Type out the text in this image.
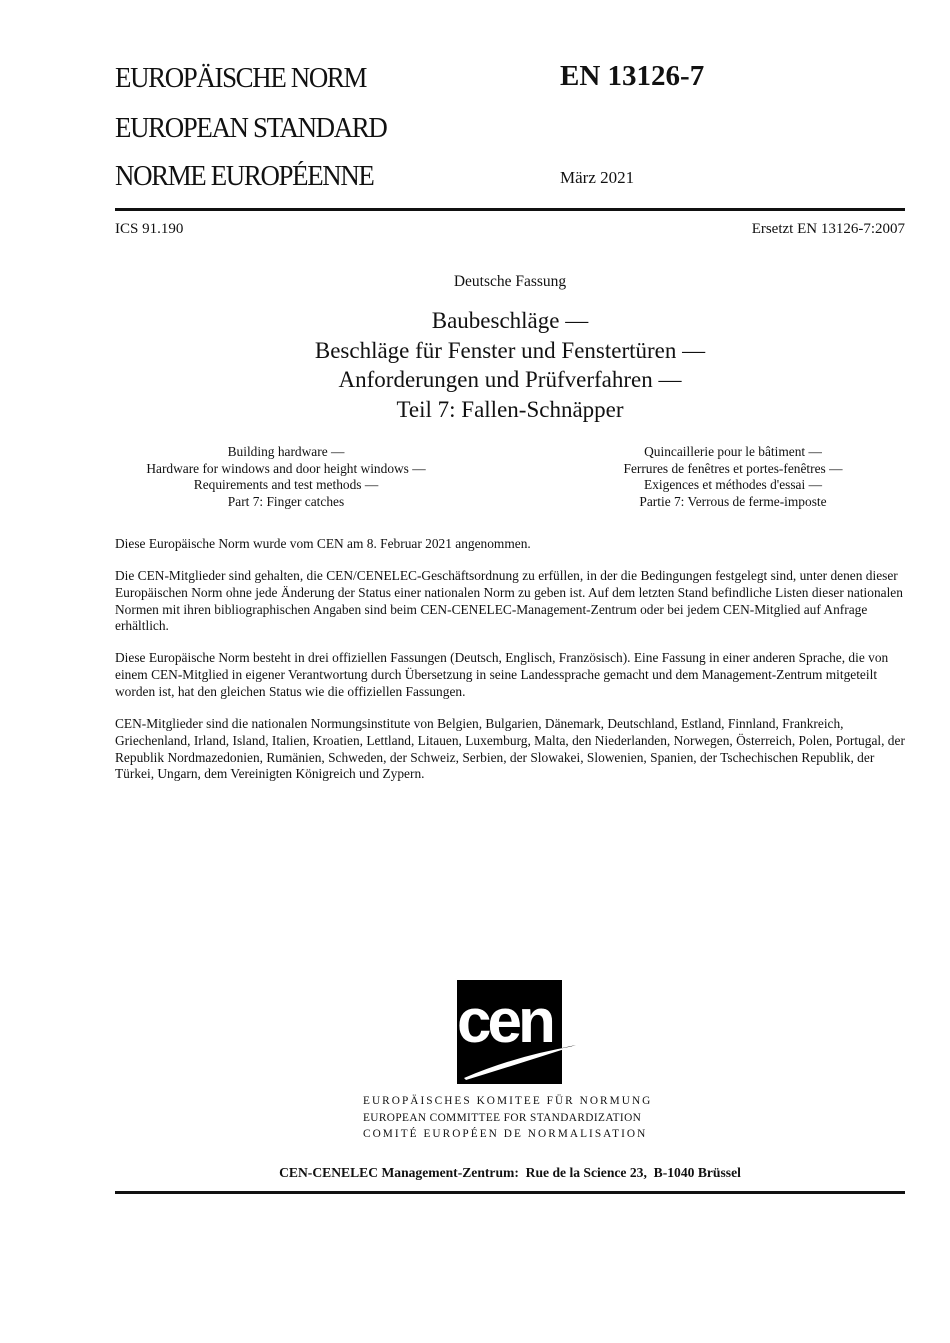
EUROPÄISCHE NORM
EUROPEAN STANDARD
NORME EUROPÉENNE
EN 13126-7
März 2021
ICS 91.190	Ersetzt EN 13126-7:2007
Deutsche Fassung
Baubeschläge —
Beschläge für Fenster und Fenstertüren —
Anforderungen und Prüfverfahren —
Teil 7: Fallen-Schnäpper
Building hardware —
Hardware for windows and door height windows —
Requirements and test methods —
Part 7: Finger catches
Quincaillerie pour le bâtiment —
Ferrures de fenêtres et portes-fenêtres —
Exigences et méthodes d'essai —
Partie 7: Verrous de ferme-imposte

Diese Europäische Norm wurde vom CEN am 8. Februar 2021 angenommen.

Die CEN-Mitglieder sind gehalten, die CEN/CENELEC-Geschäftsordnung zu erfüllen, in der die Bedingungen festgelegt sind, unter denen dieser Europäischen Norm ohne jede Änderung der Status einer nationalen Norm zu geben ist. Auf dem letzten Stand befindliche Listen dieser nationalen Normen mit ihren bibliographischen Angaben sind beim CEN-CENELEC-Management-Zentrum oder bei jedem CEN-Mitglied auf Anfrage erhältlich.

Diese Europäische Norm besteht in drei offiziellen Fassungen (Deutsch, Englisch, Französisch). Eine Fassung in einer anderen Sprache, die von einem CEN-Mitglied in eigener Verantwortung durch Übersetzung in seine Landessprache gemacht und dem Management-Zentrum mitgeteilt worden ist, hat den gleichen Status wie die offiziellen Fassungen.

CEN-Mitglieder sind die nationalen Normungsinstitute von Belgien, Bulgarien, Dänemark, Deutschland, Estland, Finnland, Frankreich, Griechenland, Irland, Island, Italien, Kroatien, Lettland, Litauen, Luxemburg, Malta, den Niederlanden, Norwegen, Österreich, Polen, Portugal, der Republik Nordmazedonien, Rumänien, Schweden, der Schweiz, Serbien, der Slowakei, Slowenien, Spanien, der Tschechischen Republik, der Türkei, Ungarn, dem Vereinigten Königreich und Zypern.

cen
EUROPÄISCHES KOMITEE FÜR NORMUNG
EUROPEAN COMMITTEE FOR STANDARDIZATION
COMITÉ EUROPÉEN DE NORMALISATION
CEN-CENELEC Management-Zentrum:  Rue de la Science 23,  B-1040 Brüssel
